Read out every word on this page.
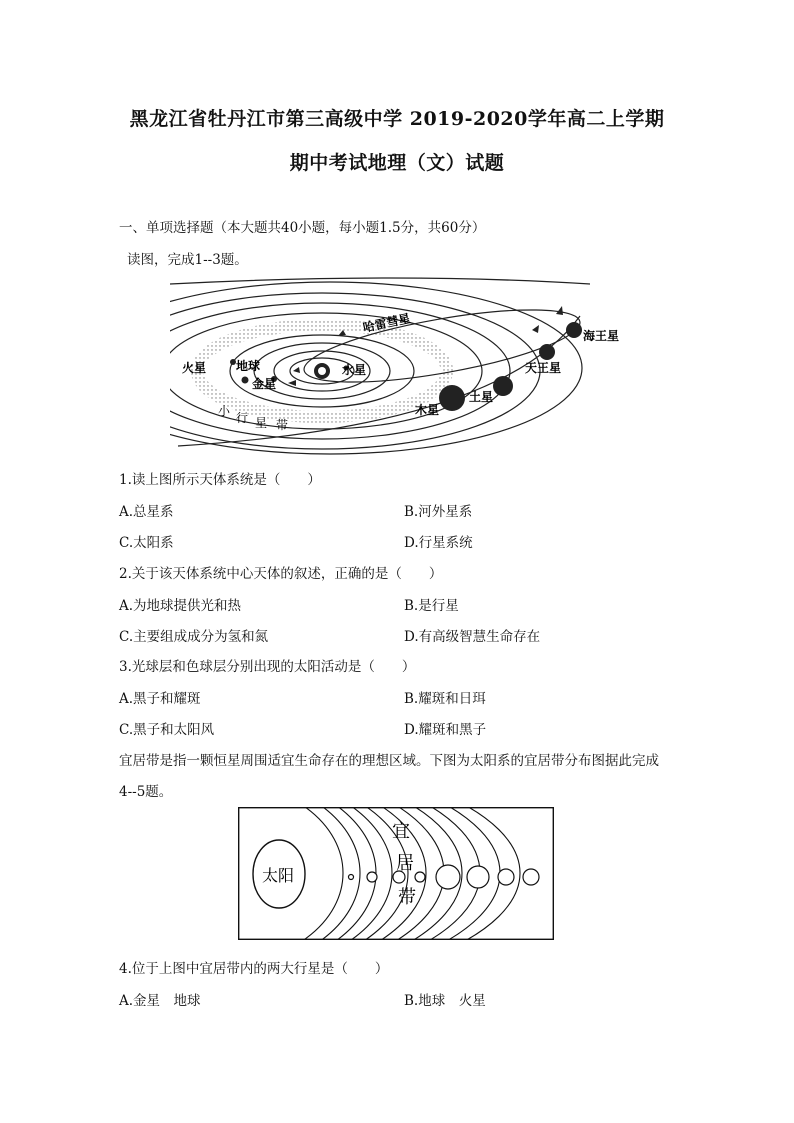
黑龙江省牡丹江市第三高级中学 2019-2020学年高二上学期
期中考试地理（文）试题
一、单项选择题（本大题共40小题，每小题1.5分，共60分）
读图，完成1--3题。
哈雷彗星
海王星
天王星
土星
木星
水星
金星
地球
火星
小 行 星 带
1.读上图所示天体系统是（　　）
A.总星系	B.河外星系
C.太阳系	D.行星系统
2.关于该天体系统中心天体的叙述，正确的是（　　）
A.为地球提供光和热	B.是行星
C.主要组成成分为氢和氮	D.有高级智慧生命存在
3.光球层和色球层分别出现的太阳活动是（　　）
A.黑子和耀斑	B.耀斑和日珥
C.黑子和太阳风	D.耀斑和黑子
宜居带是指一颗恒星周围适宜生命存在的理想区域。下图为太阳系的宜居带分布图据此完成
4--5题。
太阳
宜
居
带
4.位于上图中宜居带内的两大行星是（　　）
A.金星　地球	B.地球　火星
